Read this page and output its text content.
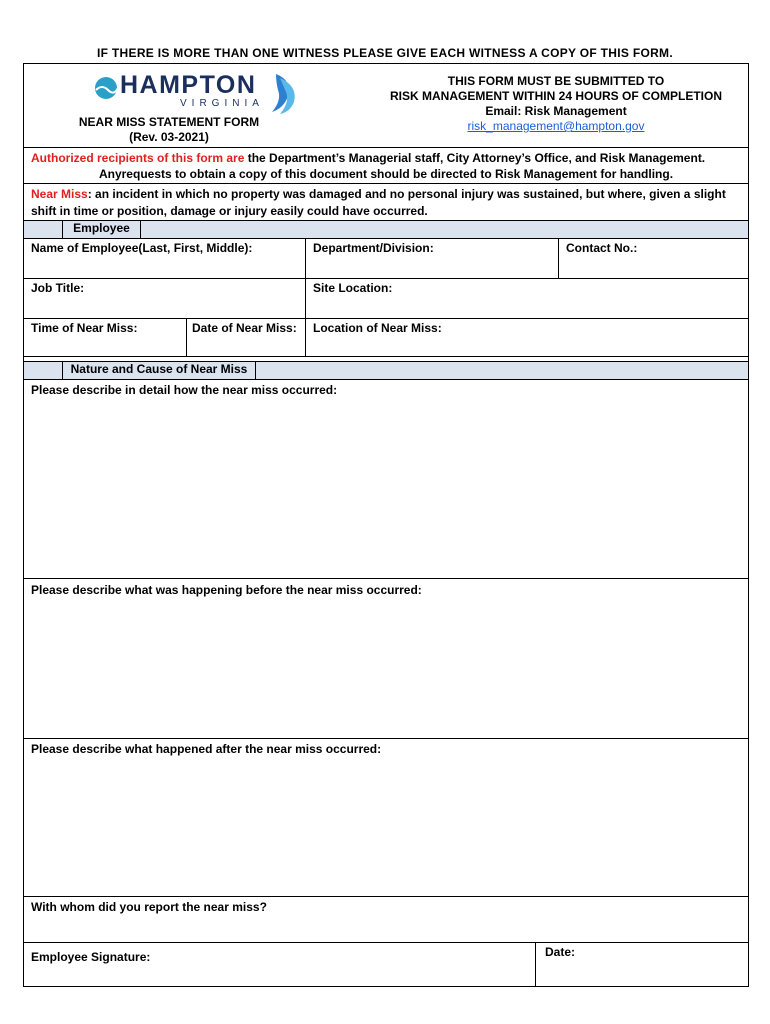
IF THERE IS MORE THAN ONE WITNESS PLEASE GIVE EACH WITNESS A COPY OF THIS FORM.
HAMPTON
VIRGINIA
NEAR MISS STATEMENT FORM
(Rev. 03-2021)
THIS FORM MUST BE SUBMITTED TO
RISK MANAGEMENT WITHIN 24 HOURS OF COMPLETION
Email: Risk Management
risk_management@hampton.gov
Authorized recipients of this form are the Department’s Managerial staff, City Attorney’s Office, and Risk Management.
Anyrequests to obtain a copy of this document should be directed to Risk Management for handling.
Near Miss: an incident in which no property was damaged and no personal injury was sustained, but where, given a slight
shift in time or position, damage or injury easily could have occurred.
Employee
Name of Employee(Last, First, Middle):	Department/Division:	Contact No.:
Job Title:	Site Location:
Time of Near Miss:	Date of Near Miss: Location of Near Miss:
Nature and Cause of Near Miss
Please describe in detail how the near miss occurred:
Please describe what was happening before the near miss occurred:
Please describe what happened after the near miss occurred:
With whom did you report the near miss?
Employee Signature:	Date:
